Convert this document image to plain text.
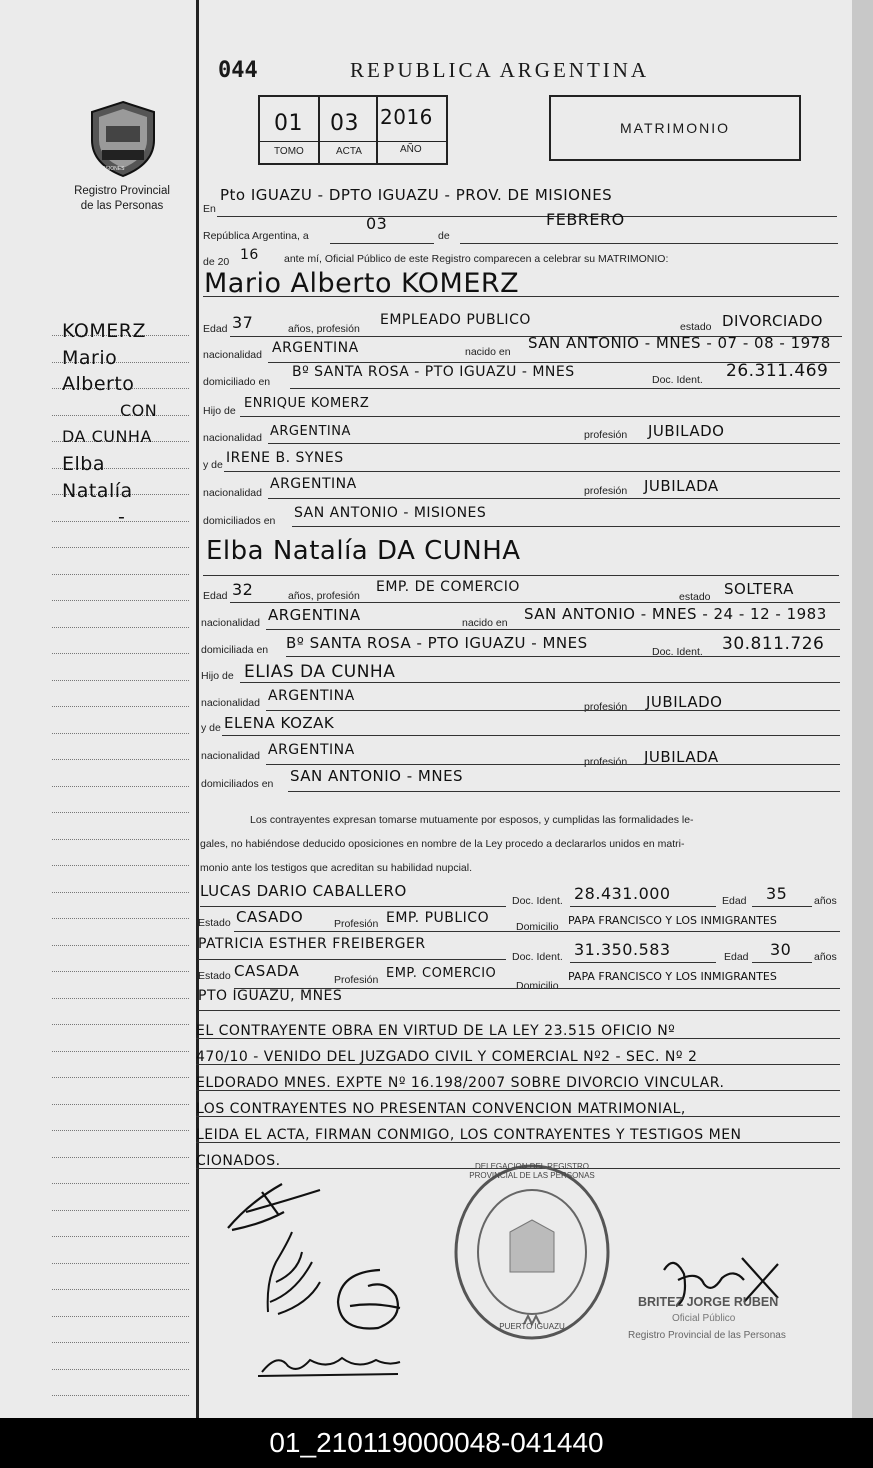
MISIONES
Registro Provincial
de las Personas
KOMERZ
Mario
Alberto
CON
DA CUNHA
Elba
Natalía
-
044	REPUBLICA ARGENTINA
01 03 2016
TOMO	ACTA	AÑO
MATRIMONIO
En
Pto IGUAZU - DPTO IGUAZU - PROV. DE MISIONES
República Argentina, a
03
de
FEBRERO
de 20 16 ante mí, Oficial Público de este Registro comparecen a celebrar su MATRIMONIO:
Mario Alberto KOMERZ
Edad 37	años, profesión
EMPLEADO PUBLICO	estado DIVORCIADO
nacionalidad ARGENTINA	nacido en SAN ANTONIO - MNES - 07 - 08 - 1978
domiciliado en
Bº SANTA ROSA - PTO IGUAZU - MNES	Doc. Ident. 26.311.469
Hijo de ENRIQUE KOMERZ
nacionalidad ARGENTINA	profesión JUBILADO
y de IRENE B. SYNES
nacionalidad
ARGENTINA	profesión JUBILADA
domiciliados en SAN ANTONIO - MISIONES
Elba Natalía DA CUNHA
Edad 32	años, profesión
EMP. DE COMERCIO
estado SOLTERA
nacionalidad ARGENTINA	nacido en SAN ANTONIO - MNES - 24 - 12 - 1983
domiciliada en Bº SANTA ROSA - PTO IGUAZU - MNES	Doc. Ident. 30.811.726
Hijo de ELIAS DA CUNHA
nacionalidad ARGENTINA
profesión JUBILADO
y de ELENA KOZAK
nacionalidad ARGENTINA
profesión JUBILADA
domiciliados en SAN ANTONIO - MNES
Los contrayentes expresan tomarse mutuamente por esposos, y cumplidas las formalidades le-
gales, no habiéndose deducido oposiciones en nombre de la Ley procedo a declararlos unidos en matri-
monio ante los testigos que acreditan su habilidad nupcial.
LUCAS DARIO CABALLERO
Doc. Ident. 28.431.000	Edad 35	años
Estado CASADO	Profesión EMP. PUBLICO
Domicilio PAPA FRANCISCO Y LOS INMIGRANTES
PATRICIA ESTHER FREIBERGER
Doc. Ident. 31.350.583	Edad 30 años
Estado CASADA	Profesión EMP. COMERCIO
Domicilio
PAPA FRANCISCO Y LOS INMIGRANTES
PTO IGUAZU, MNES
EL CONTRAYENTE OBRA EN VIRTUD DE LA LEY 23.515 OFICIO Nº
470/10 - VENIDO DEL JUZGADO CIVIL Y COMERCIAL Nº2 - SEC. Nº 2
ELDORADO MNES. EXPTE Nº 16.198/2007 SOBRE DIVORCIO VINCULAR.
LOS CONTRAYENTES NO PRESENTAN CONVENCION MATRIMONIAL,
LEIDA EL ACTA, FIRMAN CONMIGO, LOS CONTRAYENTES Y TESTIGOS MEN
CIONADOS.	DELEGACION DEL REGISTRO PROVINCIAL DE LAS PERSONAS
PUERTO IGUAZU
BRITEZ JORGE RUBEN
Oficial Público
Registro Provincial de las Personas
01_210119000048-041440
